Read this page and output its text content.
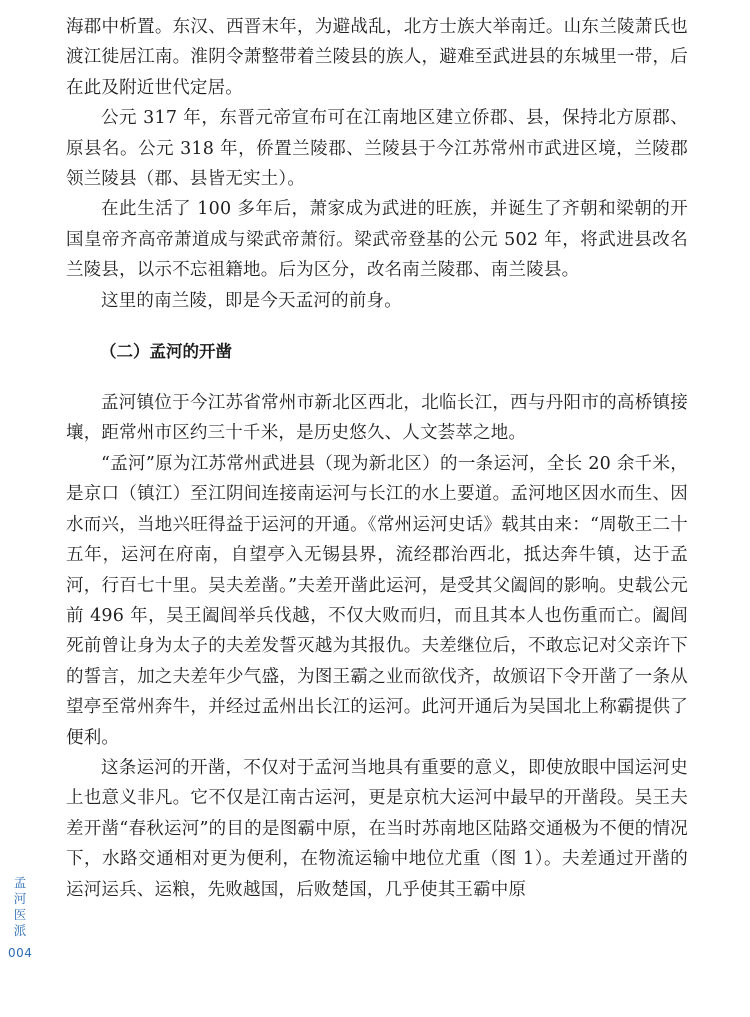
海郡中析置。东汉、西晋末年，为避战乱，北方士族大举南迁。山东兰陵萧氏也渡江徙居江南。淮阴令萧整带着兰陵县的族人，避难至武进县的东城里一带，后在此及附近世代定居。

公元 317 年，东晋元帝宣布可在江南地区建立侨郡、县，保持北方原郡、原县名。公元 318 年，侨置兰陵郡、兰陵县于今江苏常州市武进区境，兰陵郡领兰陵县（郡、县皆无实土）。

在此生活了 100 多年后，萧家成为武进的旺族，并诞生了齐朝和梁朝的开国皇帝齐高帝萧道成与梁武帝萧衍。梁武帝登基的公元 502 年，将武进县改名兰陵县，以示不忘祖籍地。后为区分，改名南兰陵郡、南兰陵县。

这里的南兰陵，即是今天孟河的前身。

（二）孟河的开凿

孟河镇位于今江苏省常州市新北区西北，北临长江，西与丹阳市的高桥镇接壤，距常州市区约三十千米，是历史悠久、人文荟萃之地。

“孟河”原为江苏常州武进县（现为新北区）的一条运河，全长 20 余千米，是京口（镇江）至江阴间连接南运河与长江的水上要道。孟河地区因水而生、因水而兴，当地兴旺得益于运河的开通。《常州运河史话》载其由来：“周敬王二十五年，运河在府南，自望亭入无锡县界，流经郡治西北，抵达奔牛镇，达于孟河，行百七十里。吴夫差凿。”夫差开凿此运河，是受其父阖闾的影响。史载公元前 496 年，吴王阖闾举兵伐越，不仅大败而归，而且其本人也伤重而亡。阖闾死前曾让身为太子的夫差发誓灭越为其报仇。夫差继位后，不敢忘记对父亲许下的誓言，加之夫差年少气盛，为图王霸之业而欲伐齐，故颁诏下令开凿了一条从望亭至常州奔牛，并经过孟州出长江的运河。此河开通后为吴国北上称霸提供了便利。

这条运河的开凿，不仅对于孟河当地具有重要的意义，即使放眼中国运河史上也意义非凡。它不仅是江南古运河，更是京杭大运河中最早的开凿段。吴王夫差开凿“春秋运河”的目的是图霸中原，在当时苏南地区陆路交通极为不便的情况下，水路交通相对更为便利，在物流运输中地位尤重（图 1）。夫差通过开凿的运河运兵、运粮，先败越国，后败楚国，几乎使其王霸中原

孟
河
医
派
004
